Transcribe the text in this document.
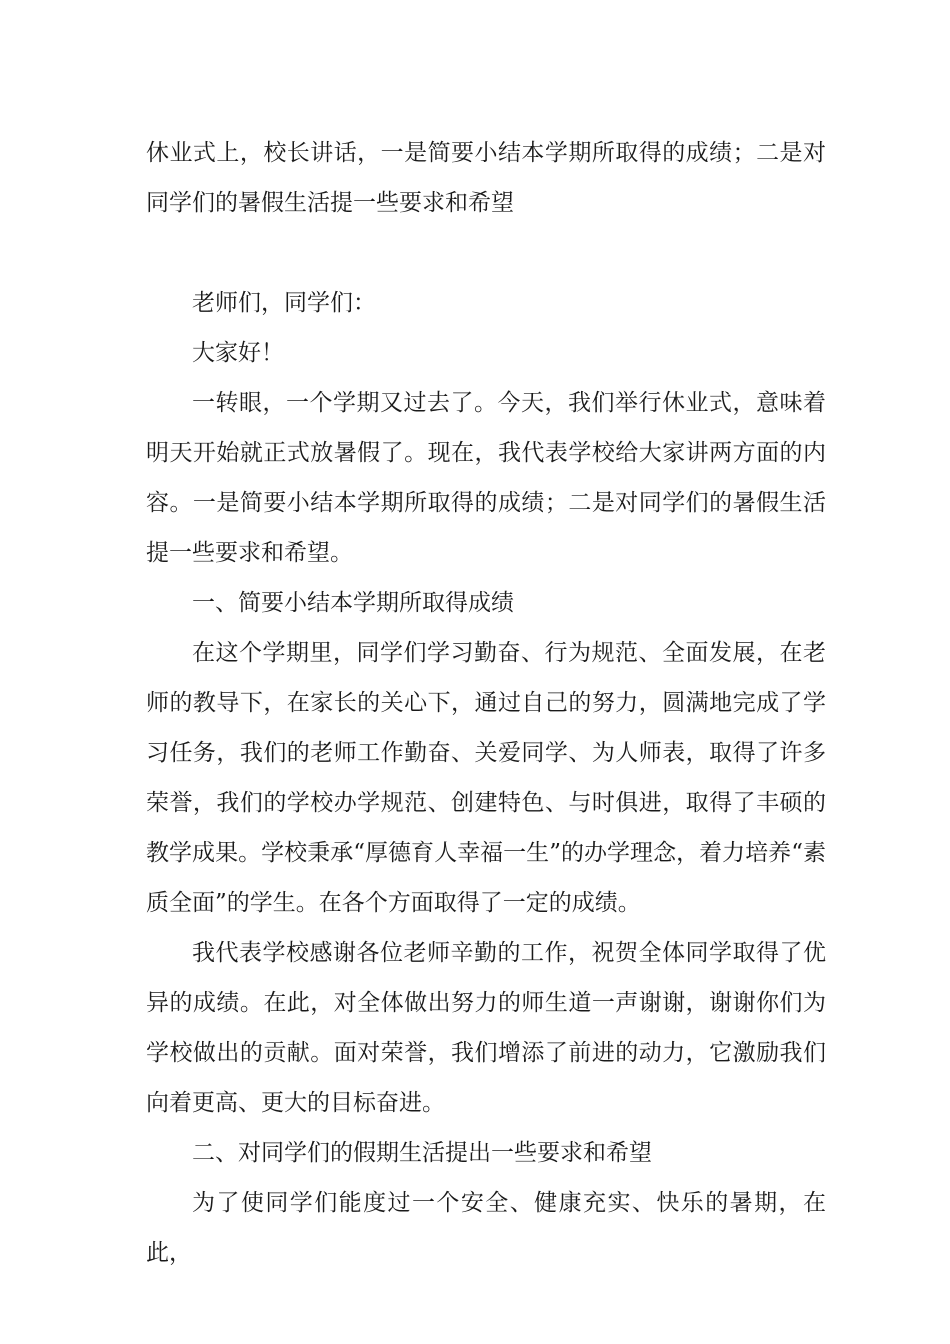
休业式上，校长讲话，一是简要小结本学期所取得的成绩；二是对同学们的暑假生活提一些要求和希望

老师们，同学们：

大家好！

一转眼，一个学期又过去了。今天，我们举行休业式，意味着明天开始就正式放暑假了。现在，我代表学校给大家讲两方面的内容。一是简要小结本学期所取得的成绩；二是对同学们的暑假生活提一些要求和希望。

一、简要小结本学期所取得成绩

在这个学期里，同学们学习勤奋、行为规范、全面发展，在老师的教导下，在家长的关心下，通过自己的努力，圆满地完成了学习任务，我们的老师工作勤奋、关爱同学、为人师表，取得了许多荣誉，我们的学校办学规范、创建特色、与时俱进，取得了丰硕的教学成果。学校秉承“厚德育人幸福一生”的办学理念，着力培养“素质全面”的学生。在各个方面取得了一定的成绩。

我代表学校感谢各位老师辛勤的工作，祝贺全体同学取得了优异的成绩。在此，对全体做出努力的师生道一声谢谢，谢谢你们为学校做出的贡献。面对荣誉，我们增添了前进的动力，它激励我们向着更高、更大的目标奋进。

二、对同学们的假期生活提出一些要求和希望

为了使同学们能度过一个安全、健康充实、快乐的暑期，在此，
